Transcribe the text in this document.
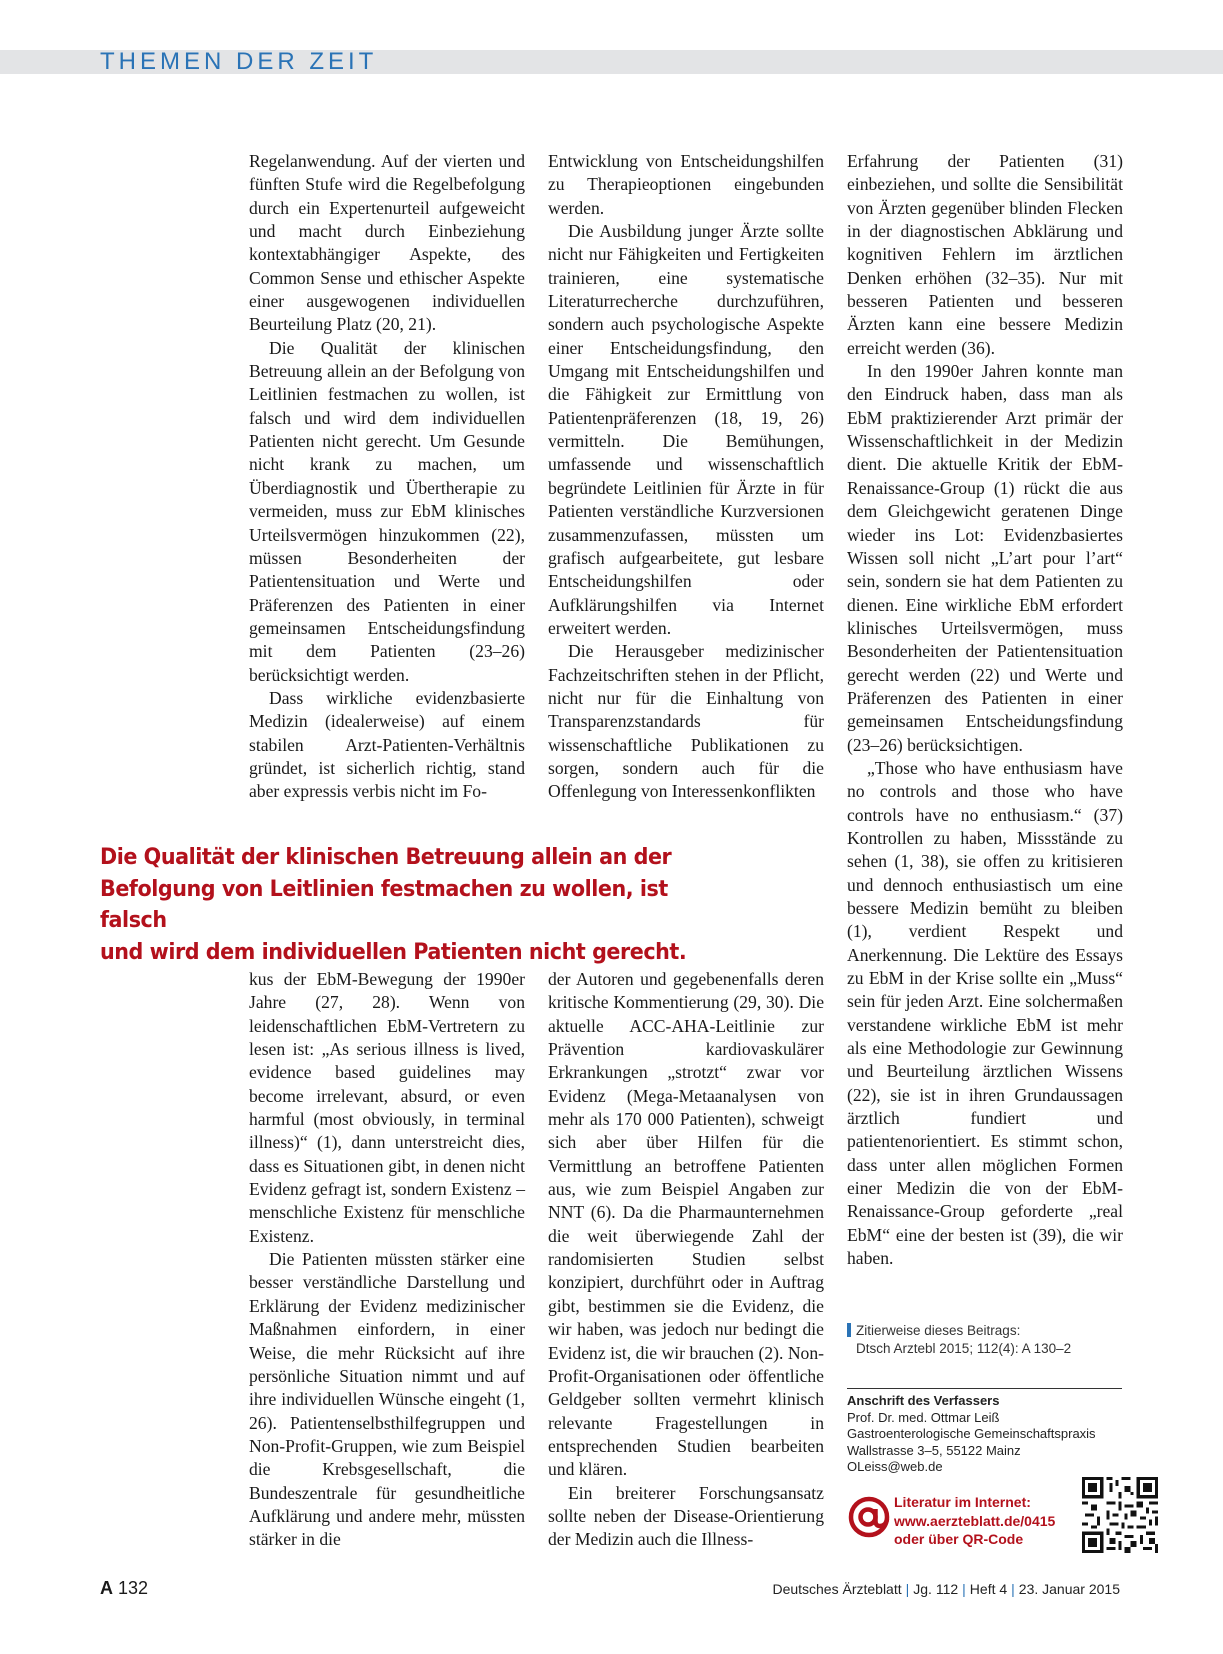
THEMEN DER ZEIT

Regelanwendung. Auf der vierten und fünften Stufe wird die Regelbefolgung durch ein Expertenurteil aufgeweicht und macht durch Einbeziehung kontextabhängiger Aspekte, des Common Sense und ethischer Aspekte einer ausgewogenen individuellen Beurteilung Platz (20, 21).

Die Qualität der klinischen Betreuung allein an der Befolgung von Leitlinien festmachen zu wollen, ist falsch und wird dem individuellen Patienten nicht gerecht. Um Gesunde nicht krank zu machen, um Überdiagnostik und Übertherapie zu vermeiden, muss zur EbM klinisches Urteilsvermögen hinzukommen (22), müssen Besonderheiten der Patientensituation und Werte und Präferenzen des Patienten in einer gemeinsamen Entscheidungsfindung mit dem Patienten (23–26) berücksichtigt werden.

Dass wirkliche evidenzbasierte Medizin (idealerweise) auf einem stabilen Arzt-Patienten-Verhältnis gründet, ist sicherlich richtig, stand aber expressis verbis nicht im Fo-

Entwicklung von Entscheidungshilfen zu Therapieoptionen eingebunden werden.

Die Ausbildung junger Ärzte sollte nicht nur Fähigkeiten und Fertigkeiten trainieren, eine systematische Literaturrecherche durchzuführen, sondern auch psychologische Aspekte einer Entscheidungsfindung, den Umgang mit Entscheidungshilfen und die Fähigkeit zur Ermittlung von Patientenpräferenzen (18, 19, 26) vermitteln. Die Bemühungen, umfassende und wissenschaftlich begründete Leitlinien für Ärzte in für Patienten verständliche Kurzversionen zusammenzufassen, müssten um grafisch aufgearbeitete, gut lesbare Entscheidungshilfen oder Aufklärungshilfen via Internet erweitert werden.

Die Herausgeber medizinischer Fachzeitschriften stehen in der Pflicht, nicht nur für die Einhaltung von Transparenzstandards für wissenschaftliche Publikationen zu sorgen, sondern auch für die Offenlegung von Interessenkonflikten

Die Qualität der klinischen Betreuung allein an der
Befolgung von Leitlinien festmachen zu wollen, ist falsch
und wird dem individuellen Patienten nicht gerecht.

kus der EbM-Bewegung der 1990er Jahre (27, 28). Wenn von leidenschaftlichen EbM-Vertretern zu lesen ist: „As serious illness is lived, evidence based guidelines may become irrelevant, absurd, or even harmful (most obviously, in terminal illness)“ (1), dann unterstreicht dies, dass es Situationen gibt, in denen nicht Evidenz gefragt ist, sondern Existenz – menschliche Existenz für menschliche Existenz.

Die Patienten müssten stärker eine besser verständliche Darstellung und Erklärung der Evidenz medizinischer Maßnahmen einfordern, in einer Weise, die mehr Rücksicht auf ihre persönliche Situation nimmt und auf ihre individuellen Wünsche eingeht (1, 26). Patientenselbsthilfegruppen und Non-Profit-Gruppen, wie zum Beispiel die Krebsgesellschaft, die Bundeszentrale für gesundheitliche Aufklärung und andere mehr, müssten stärker in die

der Autoren und gegebenenfalls deren kritische Kommentierung (29, 30). Die aktuelle ACC-AHA-Leitlinie zur Prävention kardiovaskulärer Erkrankungen „strotzt“ zwar vor Evidenz (Mega-Metaanalysen von mehr als 170 000 Patienten), schweigt sich aber über Hilfen für die Vermittlung an betroffene Patienten aus, wie zum Beispiel Angaben zur NNT (6). Da die Pharmaunternehmen die weit überwiegende Zahl der randomisierten Studien selbst konzipiert, durchführt oder in Auftrag gibt, bestimmen sie die Evidenz, die wir haben, was jedoch nur bedingt die Evidenz ist, die wir brauchen (2). Non-Profit-Organisationen oder öffentliche Geldgeber sollten vermehrt klinisch relevante Fragestellungen in entsprechenden Studien bearbeiten und klären.

Ein breiterer Forschungsansatz sollte neben der Disease-Orientierung der Medizin auch die Illness-

Erfahrung der Patienten (31) einbeziehen, und sollte die Sensibilität von Ärzten gegenüber blinden Flecken in der diagnostischen Abklärung und kognitiven Fehlern im ärztlichen Denken erhöhen (32–35). Nur mit besseren Patienten und besseren Ärzten kann eine bessere Medizin erreicht werden (36).

In den 1990er Jahren konnte man den Eindruck haben, dass man als EbM praktizierender Arzt primär der Wissenschaftlichkeit in der Medizin dient. Die aktuelle Kritik der EbM-Renaissance-Group (1) rückt die aus dem Gleichgewicht geratenen Dinge wieder ins Lot: Evidenzbasiertes Wissen soll nicht „L’art pour l’art“ sein, sondern sie hat dem Patienten zu dienen. Eine wirkliche EbM erfordert klinisches Urteilsvermögen, muss Besonderheiten der Patientensituation gerecht werden (22) und Werte und Präferenzen des Patienten in einer gemeinsamen Entscheidungsfindung (23–26) berücksichtigen.

„Those who have enthusiasm have no controls and those who have controls have no enthusiasm.“ (37) Kontrollen zu haben, Missstände zu sehen (1, 38), sie offen zu kritisieren und dennoch enthusiastisch um eine bessere Medizin bemüht zu bleiben (1), verdient Respekt und Anerkennung. Die Lektüre des Essays zu EbM in der Krise sollte ein „Muss“ sein für jeden Arzt. Eine solchermaßen verstandene wirkliche EbM ist mehr als eine Methodologie zur Gewinnung und Beurteilung ärztlichen Wissens (22), sie ist in ihren Grundaussagen ärztlich fundiert und patientenorientiert. Es stimmt schon, dass unter allen möglichen Formen einer Medizin die von der EbM-Renaissance-Group geforderte „real EbM“ eine der besten ist (39), die wir haben.

Zitierweise dieses Beitrags:
Dtsch Arztebl 2015; 112(4): A 130–2
Anschrift des Verfassers
Prof. Dr. med. Ottmar Leiß
Gastroenterologische Gemeinschaftspraxis
Wallstrasse 3–5, 55122 Mainz
OLeiss@web.de
Literatur im Internet:
www.aerzteblatt.de/0415
oder über QR-Code
A 132	Deutsches Ärzteblatt | Jg. 112 | Heft 4 | 23. Januar 2015
